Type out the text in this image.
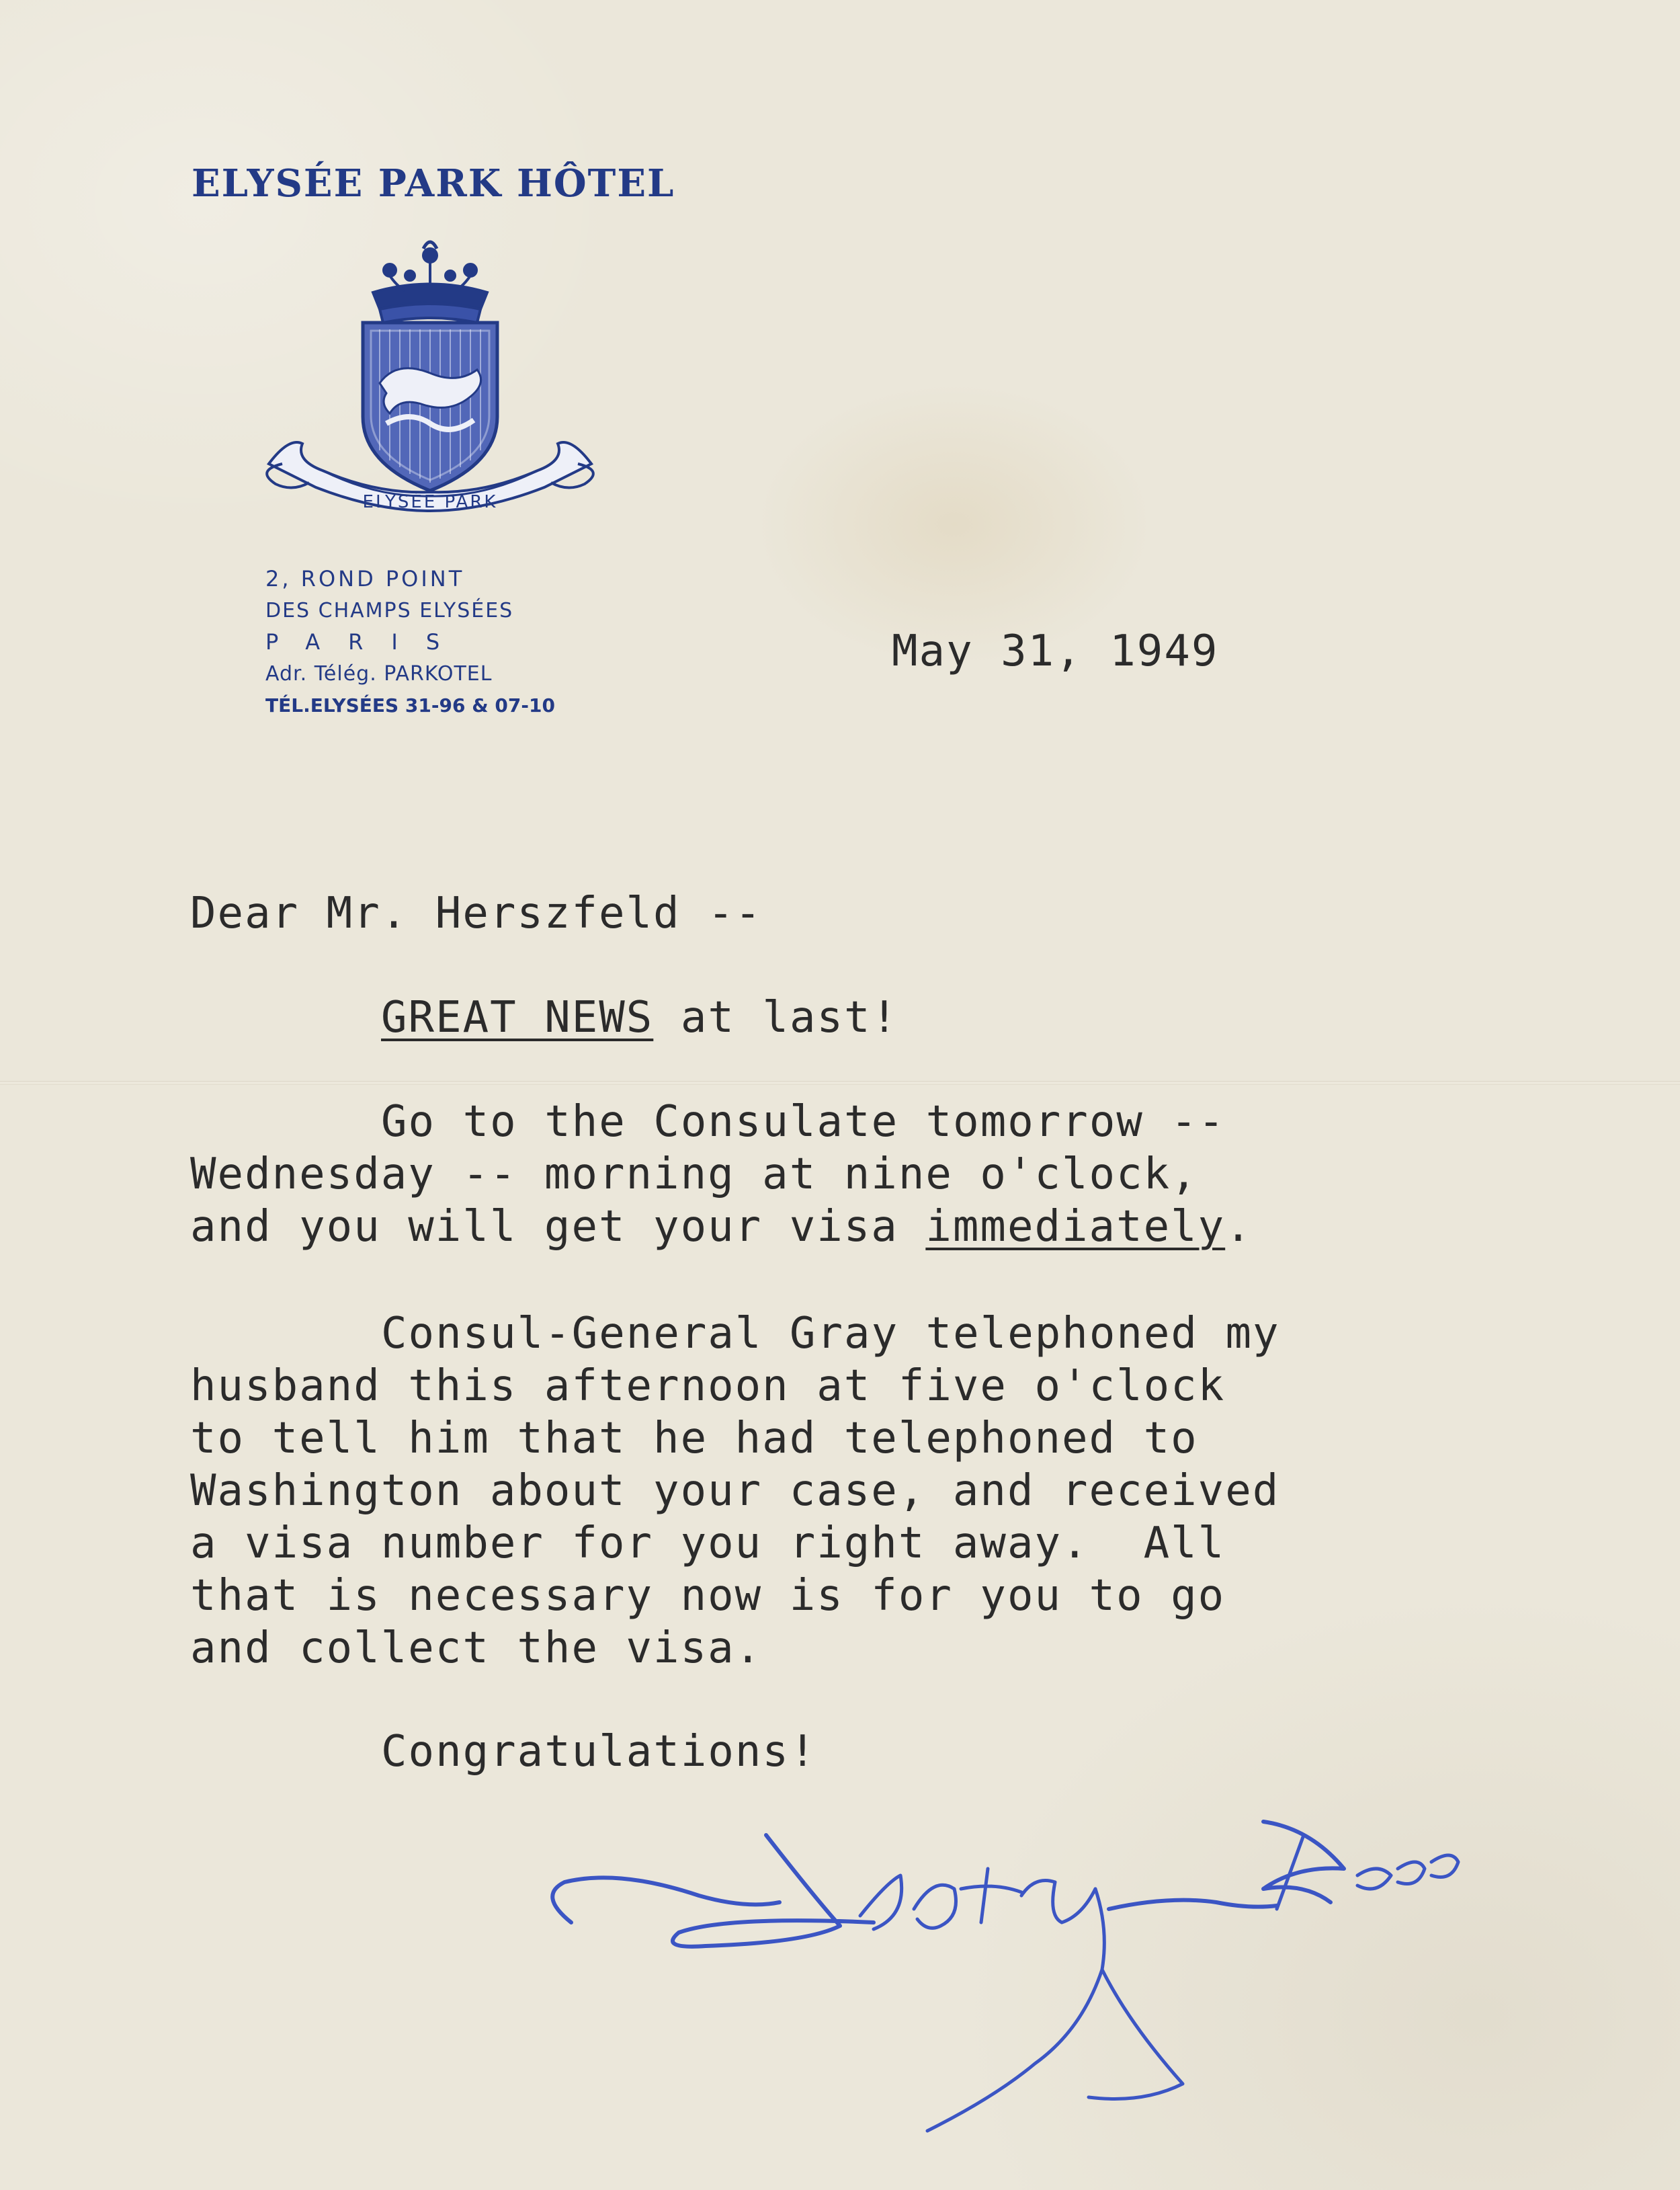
ELYSÉE PARK HÔTEL
ELYSÉE PARK
2, ROND POINT
DES CHAMPS ELYSÉES
PARIS
Adr. Télég. PARKOTEL
TÉL.ELYSÉES 31-96 & 07-10

May 31, 1949

Dear Mr. Herszfeld --

GREAT NEWS at last!

Go to the Consulate tomorrow --
Wednesday -- morning at nine o'clock,
and you will get your visa immediately.
Consul-General Gray telephoned my
husband this afternoon at five o'clock
to tell him that he had telephoned to
Washington about your case, and received
a visa number for you right away.  All
that is necessary now is for you to go
and collect the visa.

Congratulations!
